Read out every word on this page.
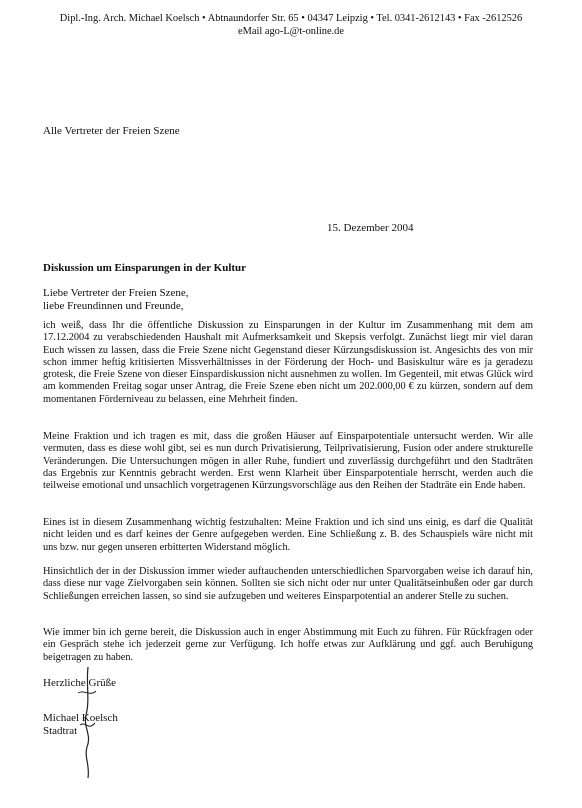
Dipl.-Ing. Arch. Michael Koelsch • Abtnaundorfer Str. 65 • 04347 Leipzig • Tel. 0341-2612143 • Fax -2612526
eMail ago-L@t-online.de
Alle Vertreter der Freien Szene
15. Dezember 2004
Diskussion um Einsparungen in der Kultur
Liebe Vertreter der Freien Szene,
liebe Freundinnen und Freunde,

ich weiß, dass Ihr die öffentliche Diskussion zu Einsparungen in der Kultur im Zusammenhang mit dem am 17.12.2004 zu verabschiedenden Haushalt mit Aufmerksamkeit und Skepsis verfolgt. Zunächst liegt mir viel daran Euch wissen zu lassen, dass die Freie Szene nicht Gegenstand dieser Kürzungsdiskussion ist. Angesichts des von mir schon immer heftig kritisierten Missverhältnisses in der Förderung der Hoch- und Basiskultur wäre es ja geradezu grotesk, die Freie Szene von dieser Einspardiskussion nicht ausnehmen zu wollen. Im Gegenteil, mit etwas Glück wird am kommenden Freitag sogar unser Antrag, die Freie Szene eben nicht um 202.000,00 € zu kürzen, sondern auf dem momentanen Förderniveau zu belassen, eine Mehrheit finden.

Meine Fraktion und ich tragen es mit, dass die großen Häuser auf Einsparpotentiale untersucht werden. Wir alle vermuten, dass es diese wohl gibt, sei es nun durch Privatisierung, Teilprivatisierung, Fusion oder andere strukturelle Veränderungen. Die Untersuchungen mögen in aller Ruhe, fundiert und zuverlässig durchgeführt und den Stadträten das Ergebnis zur Kenntnis gebracht werden. Erst wenn Klarheit über Einsparpotentiale herrscht, werden auch die teilweise emotional und unsachlich vorgetragenen Kürzungsvorschläge aus den Reihen der Stadträte ein Ende haben.

Eines ist in diesem Zusammenhang wichtig festzuhalten: Meine Fraktion und ich sind uns einig, es darf die Qualität nicht leiden und es darf keines der Genre aufgegeben werden. Eine Schließung z. B. des Schauspiels wäre nicht mit uns bzw. nur gegen unseren erbitterten Widerstand möglich.

Hinsichtlich der in der Diskussion immer wieder auftauchenden unterschiedlichen Sparvorgaben weise ich darauf hin, dass diese nur vage Zielvorgaben sein können. Sollten sie sich nicht oder nur unter Qualitätseinbußen oder gar durch Schließungen erreichen lassen, so sind sie aufzugeben und weiteres Einsparpotential an anderer Stelle zu suchen.

Wie immer bin ich gerne bereit, die Diskussion auch in enger Abstimmung mit Euch zu führen. Für Rückfragen oder ein Gespräch stehe ich jederzeit gerne zur Verfügung. Ich hoffe etwas zur Aufklärung und ggf. auch Beruhigung beigetragen zu haben.

Herzliche Grüße
Michael Koelsch
Stadtrat
